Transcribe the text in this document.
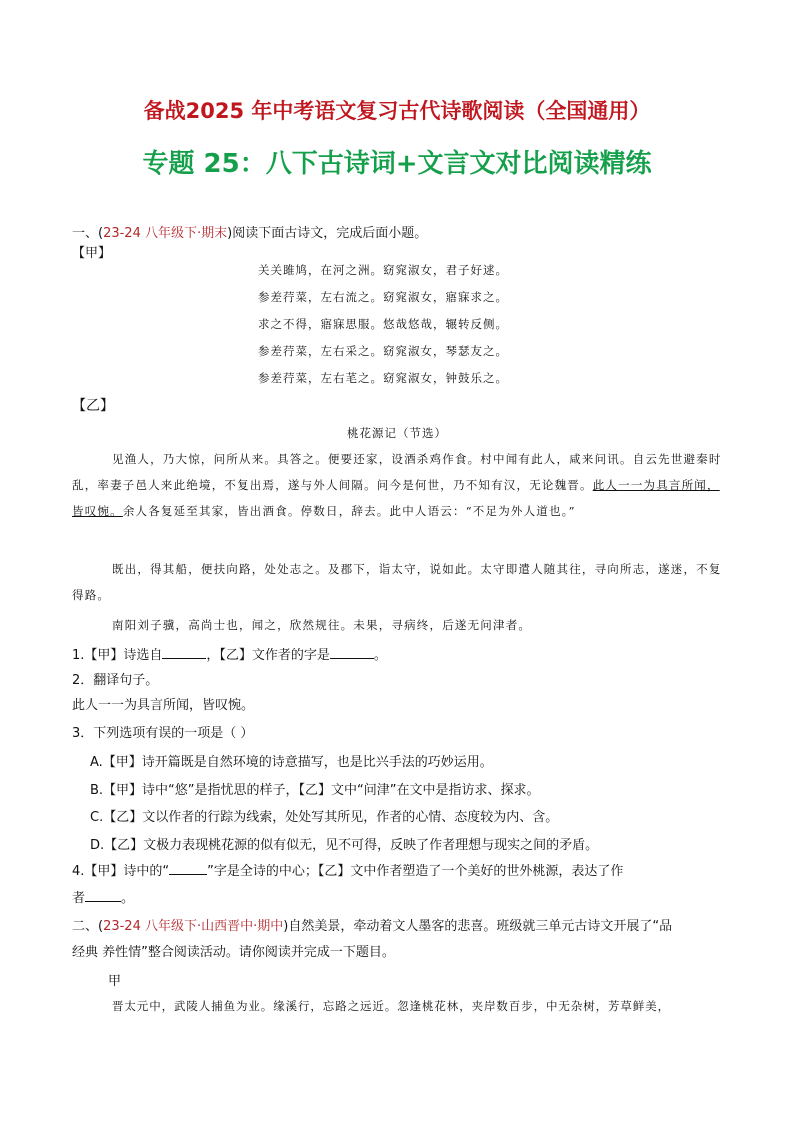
备战2025 年中考语文复习古代诗歌阅读（全国通用）
专题 25：八下古诗词+文言文对比阅读精练
一、(23-24 八年级下·期末)阅读下面古诗文，完成后面小题。
【甲】
关关雎鸠，在河之洲。窈窕淑女，君子好逑。
参差荇菜，左右流之。窈窕淑女，寤寐求之。
求之不得，寤寐思服。悠哉悠哉，辗转反侧。
参差荇菜，左右采之。窈窕淑女，琴瑟友之。
参差荇菜，左右芼之。窈窕淑女，钟鼓乐之。
【乙】
桃花源记（节选）
见渔人，乃大惊，问所从来。具答之。便要还家，设酒杀鸡作食。村中闻有此人，咸来问讯。自云先世避秦时乱，率妻子邑人来此绝境，不复出焉，遂与外人间隔。问今是何世，乃不知有汉，无论魏晋。此人一一为具言所闻，皆叹惋。余人各复延至其家，皆出酒食。停数日，辞去。此中人语云：“不足为外人道也。”
既出，得其船，便扶向路，处处志之。及郡下，诣太守，说如此。太守即遣人随其往，寻向所志，遂迷，不复得路。
南阳刘子骥，高尚士也，闻之，欣然规往。未果，寻病终，后遂无问津者。
1.【甲】诗选自	，【乙】文作者的字是	。
2．翻译句子。
此人一一为具言所闻，皆叹惋。
3．下列选项有误的一项是（ ）
A.【甲】诗开篇既是自然环境的诗意描写，也是比兴手法的巧妙运用。
B.【甲】诗中“悠”是指忧思的样子，【乙】文中“问津”在文中是指访求、探求。
C.【乙】文以作者的行踪为线索，处处写其所见，作者的心情、态度较为内、含。
D.【乙】文极力表现桃花源的似有似无，见不可得，反映了作者理想与现实之间的矛盾。
4.【甲】诗中的“	”字是全诗的中心；【乙】文中作者塑造了一个美好的世外桃源，表达了作
者	。
二、(23-24 八年级下·山西晋中·期中)自然美景，牵动着文人墨客的悲喜。班级就三单元古诗文开展了“品
经典 养性情”整合阅读活动。请你阅读并完成一下题目。
甲
晋太元中，武陵人捕鱼为业。缘溪行，忘路之远近。忽逢桃花林，夹岸数百步，中无杂树，芳草鲜美，
